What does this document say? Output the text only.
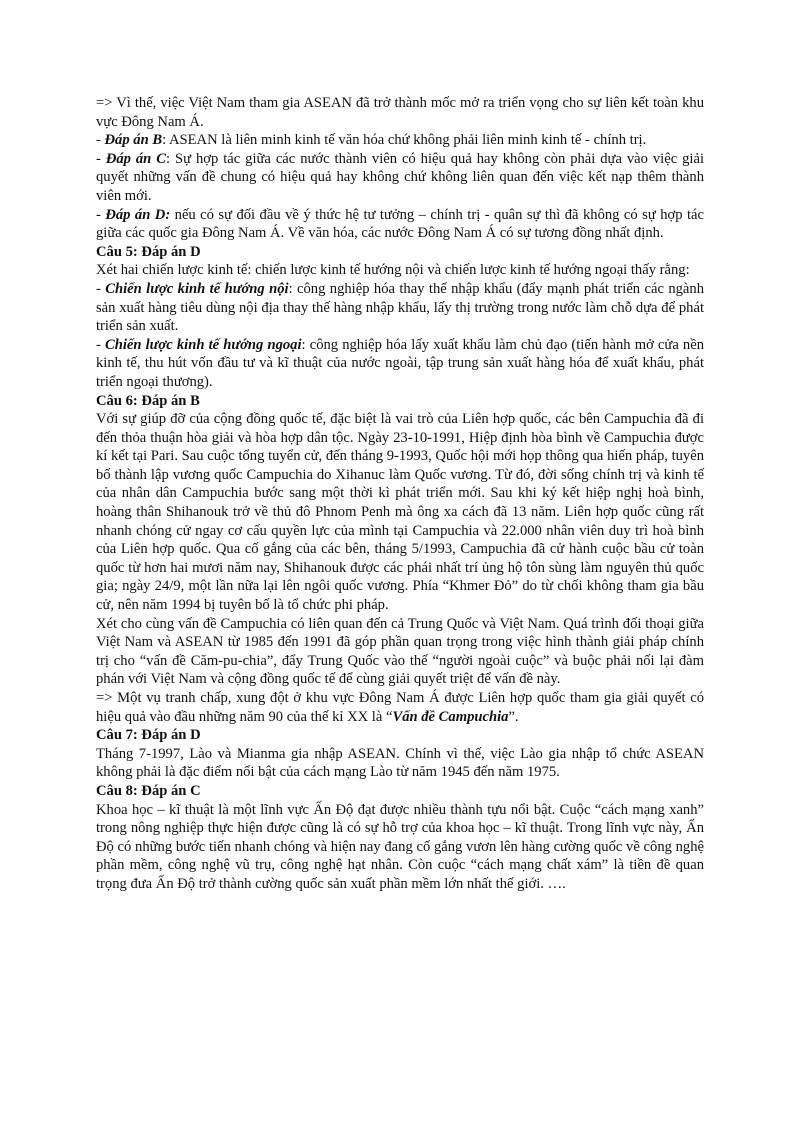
=> Vì thế, việc Việt Nam tham gia ASEAN đã trở thành mốc mở ra triển vọng cho sự liên kết toàn khu vực Đông Nam Á.

- Đáp án B: ASEAN là liên minh kinh tế văn hóa chứ không phải liên minh kinh tế - chính trị.

- Đáp án C: Sự hợp tác giữa các nước thành viên có hiệu quả hay không còn phải dựa vào việc giải quyết những vấn đề chung có hiệu quả hay không chứ không liên quan đến việc kết nạp thêm thành viên mới.

- Đáp án D: nếu có sự đối đầu về ý thức hệ tư tưởng – chính trị - quân sự thì đã không có sự hợp tác giữa các quốc gia Đông Nam Á. Về văn hóa, các nước Đông Nam Á có sự tương đồng nhất định.

Câu 5: Đáp án D

Xét hai chiến lược kinh tế: chiến lược kinh tế hướng nội và chiến lược kinh tế hướng ngoại thấy rằng:

- Chiến lược kinh tế hướng nội: công nghiệp hóa thay thế nhập khẩu (đẩy mạnh phát triển các ngành sản xuất hàng tiêu dùng nội địa thay thế hàng nhập khẩu, lấy thị trường trong nước làm chỗ dựa để phát triển sản xuất.

- Chiến lược kinh tế hướng ngoại: công nghiệp hóa lấy xuất khẩu làm chủ đạo (tiến hành mở cửa nền kinh tế, thu hút vốn đầu tư và kĩ thuật của nước ngoài, tập trung sản xuất hàng hóa để xuất khẩu, phát triển ngoại thương).

Câu 6: Đáp án B

Với sự giúp đỡ của cộng đồng quốc tế, đặc biệt là vai trò của Liên hợp quốc, các bên Campuchia đã đi đến thỏa thuận hòa giải và hòa hợp dân tộc. Ngày 23-10-1991, Hiệp định hòa bình về Campuchia được kí kết tại Pari. Sau cuộc tổng tuyển cử, đến tháng 9-1993, Quốc hội mới họp thông qua hiến pháp, tuyên bố thành lập vương quốc Campuchia do Xihanuc làm Quốc vương. Từ đó, đời sống chính trị và kinh tế của nhân dân Campuchia bước sang một thời kì phát triển mới. Sau khi ký kết hiệp nghị hoà bình, hoàng thân Shihanouk trở về thủ đô Phnom Penh mà ông xa cách đã 13 năm. Liên hợp quốc cũng rất nhanh chóng cử ngay cơ cấu quyền lực của mình tại Campuchia và 22.000 nhân viên duy trì hoà bình của Liên hợp quốc. Qua cố gắng của các bên, tháng 5/1993, Campuchia đã cử hành cuộc bầu cử toàn quốc từ hơn hai mươi năm nay, Shihanouk được các phái nhất trí ủng hộ tôn sùng làm nguyên thủ quốc gia; ngày 24/9, một lần nữa lại lên ngôi quốc vương. Phía “Khmer Đỏ” do từ chối không tham gia bầu cử, nên năm 1994 bị tuyên bố là tổ chức phi pháp.

Xét cho cùng vấn đề Campuchia có liên quan đến cả Trung Quốc và Việt Nam. Quá trình đối thoại giữa Việt Nam và ASEAN từ 1985 đến 1991 đã góp phần quan trọng trong việc hình thành giải pháp chính trị cho “vấn đề Căm-pu-chia”, đẩy Trung Quốc vào thế “người ngoài cuộc” và buộc phải nối lại đàm phán với Việt Nam và cộng đồng quốc tế để cùng giải quyết triệt để vấn đề này.

=> Một vụ tranh chấp, xung đột ở khu vực Đông Nam Á được Liên hợp quốc tham gia giải quyết có hiệu quả vào đầu những năm 90 của thế kỉ XX là “Vấn đề Campuchia”.

Câu 7: Đáp án D

Tháng 7-1997, Lào và Mianma gia nhập ASEAN. Chính vì thế, việc Lào gia nhập tổ chức ASEAN không phải là đặc điểm nổi bật của cách mạng Lào từ năm 1945 đến năm 1975.

Câu 8: Đáp án C

Khoa học – kĩ thuật là một lĩnh vực Ấn Độ đạt được nhiều thành tựu nổi bật. Cuộc “cách mạng xanh” trong nông nghiệp thực hiện được cũng là có sự hỗ trợ của khoa học – kĩ thuật. Trong lĩnh vực này, Ấn Độ có những bước tiến nhanh chóng và hiện nay đang cố gắng vươn lên hàng cường quốc về công nghệ phần mềm, công nghệ vũ trụ, công nghệ hạt nhân. Còn cuộc “cách mạng chất xám” là tiền đề quan trọng đưa Ấn Độ trở thành cường quốc sản xuất phần mềm lớn nhất thế giới. ….
